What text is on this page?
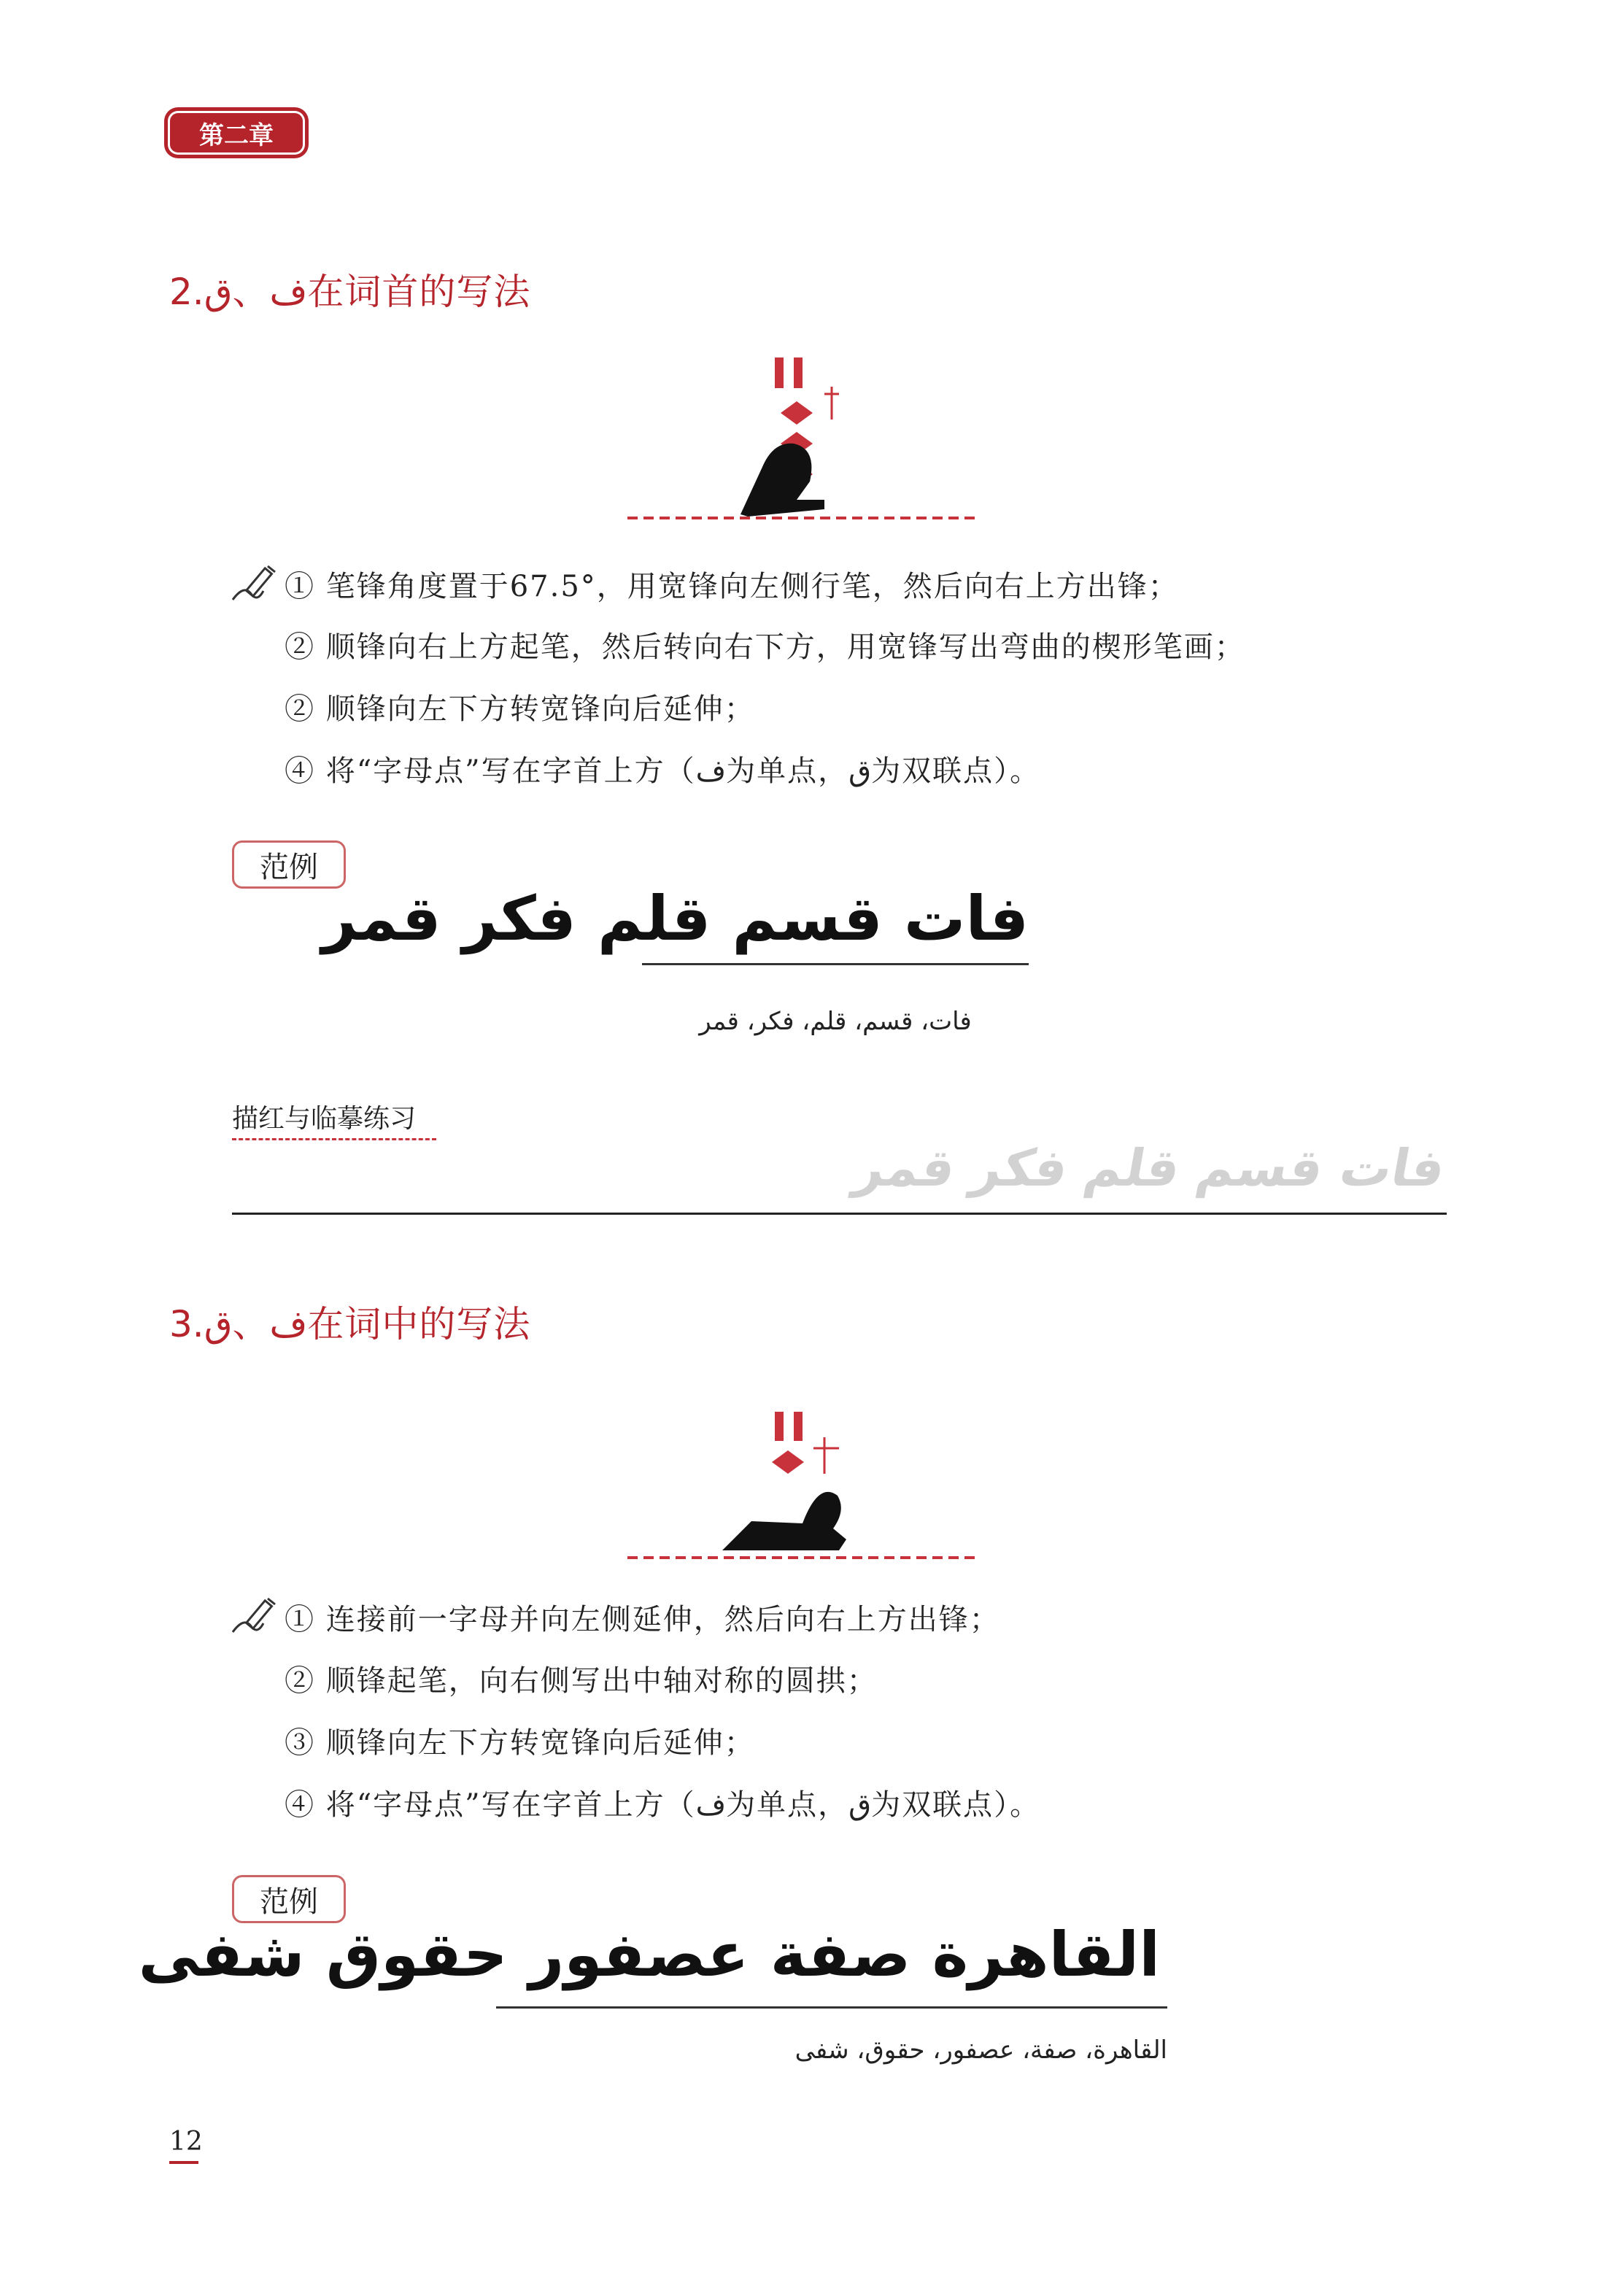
第二章
2.ف、ق在词首的写法
① 笔锋角度置于67.5°，用宽锋向左侧行笔，然后向右上方出锋；
② 顺锋向右上方起笔，然后转向右下方，用宽锋写出弯曲的楔形笔画；
② 顺锋向左下方转宽锋向后延伸；
④ 将“字母点”写在字首上方（ف为单点，ق为双联点）。
范例
فات قسم قلم فكر قمر
فات، قسم، قلم، فكر، قمر
描红与临摹练习
فات قسم قلم فكر قمر
3.ف、ق在词中的写法
① 连接前一字母并向左侧延伸，然后向右上方出锋；
② 顺锋起笔，向右侧写出中轴对称的圆拱；
③ 顺锋向左下方转宽锋向后延伸；
④ 将“字母点”写在字首上方（ف为单点，ق为双联点）。
范例
القاهرة صفة عصفور حقوق شفى
القاهرة، صفة، عصفور، حقوق، شفى
12
